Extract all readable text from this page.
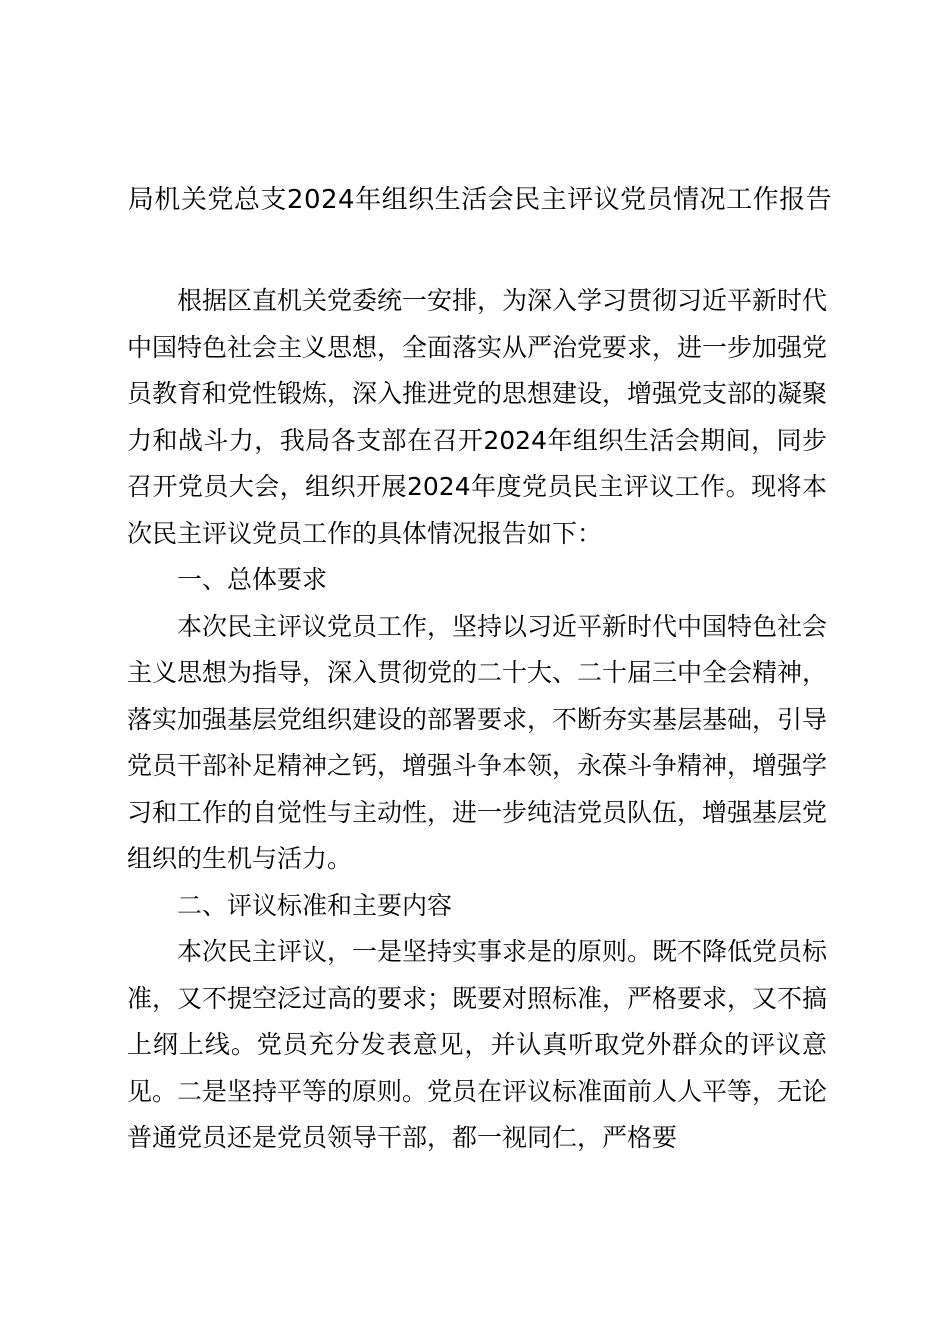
局机关党总支2024年组织生活会民主评议党员情况工作报告

根据区直机关党委统一安排，为深入学习贯彻习近平新时代中国特色社会主义思想，全面落实从严治党要求，进一步加强党员教育和党性锻炼，深入推进党的思想建设，增强党支部的凝聚力和战斗力，我局各支部在召开2024年组织生活会期间，同步召开党员大会，组织开展2024年度党员民主评议工作。现将本次民主评议党员工作的具体情况报告如下：

一、总体要求

本次民主评议党员工作，坚持以习近平新时代中国特色社会主义思想为指导，深入贯彻党的二十大、二十届三中全会精神，落实加强基层党组织建设的部署要求，不断夯实基层基础，引导党员干部补足精神之钙，增强斗争本领，永葆斗争精神，增强学习和工作的自觉性与主动性，进一步纯洁党员队伍，增强基层党组织的生机与活力。

二、评议标准和主要内容

本次民主评议，一是坚持实事求是的原则。既不降低党员标准，又不提空泛过高的要求；既要对照标准，严格要求，又不搞上纲上线。党员充分发表意见，并认真听取党外群众的评议意见。二是坚持平等的原则。党员在评议标准面前人人平等，无论普通党员还是党员领导干部，都一视同仁，严格要
